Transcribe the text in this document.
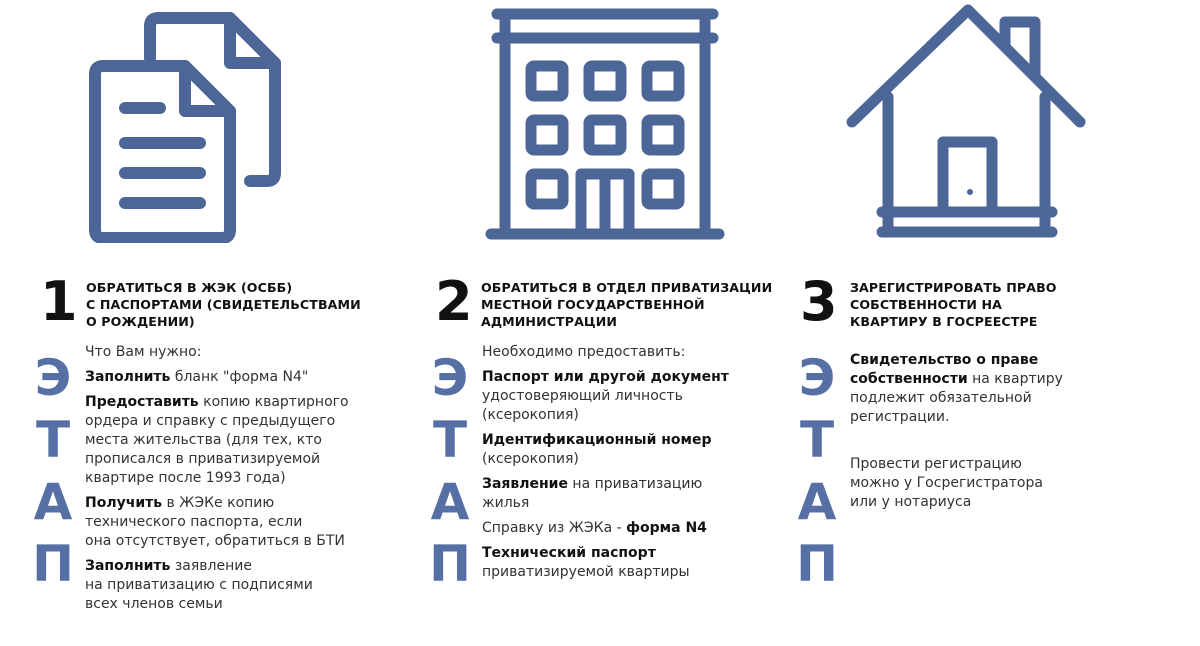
1 ОБРАТИТЬСЯ В ЖЭК (ОСББ)
С ПАСПОРТАМИ (СВИДЕТЕЛЬСТВАМИ
О РОЖДЕНИИ)
Э
Т
А
П
Что Вам нужно:
Заполнить бланк "форма N4"
Предоставить копию квартирного
ордера и справку с предыдущего
места жительства (для тех, кто
прописался в приватизируемой
квартире после 1993 года)
Получить в ЖЭКе копию
технического паспорта, если
она отсутствует, обратиться в БТИ
Заполнить заявление
на приватизацию с подписями
всех членов семьи
2 ОБРАТИТЬСЯ В ОТДЕЛ ПРИВАТИЗАЦИИ
МЕСТНОЙ ГОСУДАРСТВЕННОЙ
АДМИНИСТРАЦИИ
Э
Т
А
П
Необходимо предоставить:
Паспорт или другой документ
удостоверяющий личность
(ксерокопия)
Идентификационный номер
(ксерокопия)
Заявление на приватизацию
жилья
Справку из ЖЭКа - форма N4
Технический паспорт
приватизируемой квартиры
3 ЗАРЕГИСТРИРОВАТЬ ПРАВО
СОБСТВЕННОСТИ НА
КВАРТИРУ В ГОСРЕЕСТРЕ
Э
Т
А
П
Свидетельство о праве
собственности на квартиру
подлежит обязательной
регистрации.
Провести регистрацию
можно у Госрегистратора
или у нотариуса
